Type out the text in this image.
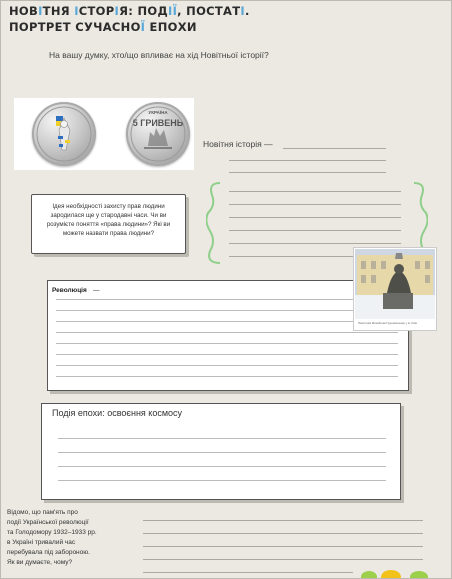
НОВІТНЯ ІСТОРІЯ: ПОДІЇ, ПОСТАТІ.
ПОРТРЕТ СУЧАСНОЇ ЕПОХИ
На вашу думку, хто/що впливає на хід Новітньої історії?
УКРАЇНА
5 ГРИВЕНЬ
Новітня історія —
Ідея необхідності захисту прав людини
зародилася ще у стародавні часи. Чи ви
розумієте поняття «права людини»? Які ви
можете назвати права людини?
Революція —
Пам'ятник Михайлові Грушевському у м. Київ
Подія епохи: освоєння космосу
Відомо, що пам'ять про
події Української революції
та Голодомору 1932–1933 рр.
в Україні тривалий час
перебувала під забороною.
Як ви думаєте, чому?
